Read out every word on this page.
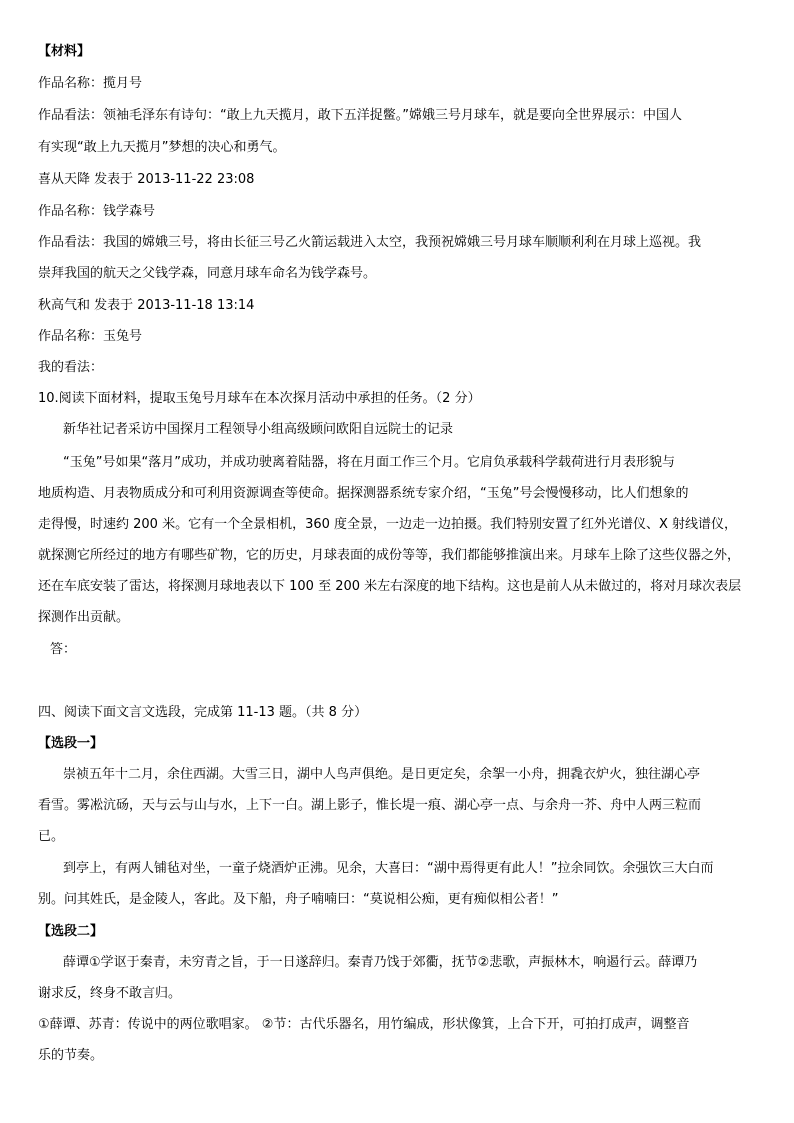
【材料】
作品名称：揽月号
作品看法：领袖毛泽东有诗句：“敢上九天揽月，敢下五洋捉鳖。”嫦娥三号月球车，就是要向全世界展示：中国人
有实现“敢上九天揽月”梦想的决心和勇气。
喜从天降 发表于 2013-11-22 23:08
作品名称：钱学森号
作品看法：我国的嫦娥三号，将由长征三号乙火箭运载进入太空，我预祝嫦娥三号月球车顺顺利利在月球上巡视。我
崇拜我国的航天之父钱学森，同意月球车命名为钱学森号。
秋高气和 发表于 2013-11-18 13:14
作品名称：玉兔号
我的看法：
10.阅读下面材料，提取玉兔号月球车在本次探月活动中承担的任务。（2 分）
新华社记者采访中国探月工程领导小组高级顾问欧阳自远院士的记录
“玉兔”号如果“落月”成功，并成功驶离着陆器，将在月面工作三个月。它肩负承载科学载荷进行月表形貌与
地质构造、月表物质成分和可利用资源调查等使命。据探测器系统专家介绍，“玉兔”号会慢慢移动，比人们想象的
走得慢，时速约 200 米。它有一个全景相机，360 度全景，一边走一边拍摄。我们特别安置了红外光谱仪、X 射线谱仪，
就探测它所经过的地方有哪些矿物，它的历史，月球表面的成份等等，我们都能够推演出来。月球车上除了这些仪器之外，
还在车底安装了雷达，将探测月球地表以下 100 至 200 米左右深度的地下结构。这也是前人从未做过的，将对月球次表层
探测作出贡献。
答：
四、阅读下面文言文选段，完成第 11-13 题。（共 8 分）
【选段一】
崇祯五年十二月，余住西湖。大雪三日，湖中人鸟声俱绝。是日更定矣，余挐一小舟，拥毳衣炉火，独往湖心亭
看雪。雾凇沆砀，天与云与山与水，上下一白。湖上影子，惟长堤一痕、湖心亭一点、与余舟一芥、舟中人两三粒而
已。
到亭上，有两人铺毡对坐，一童子烧酒炉正沸。见余，大喜曰：“湖中焉得更有此人！”拉余同饮。余强饮三大白而
别。问其姓氏，是金陵人，客此。及下船，舟子喃喃曰：“莫说相公痴，更有痴似相公者！”
【选段二】
薛谭①学讴于秦青，未穷青之旨，于一日遂辞归。秦青乃饯于郊衢，抚节②悲歌，声振林木，响遏行云。薛谭乃
谢求反，终身不敢言归。
①薛谭、苏青：传说中的两位歌唱家。 ②节：古代乐器名，用竹编成，形状像箕，上合下开，可拍打成声，调整音
乐的节奏。
